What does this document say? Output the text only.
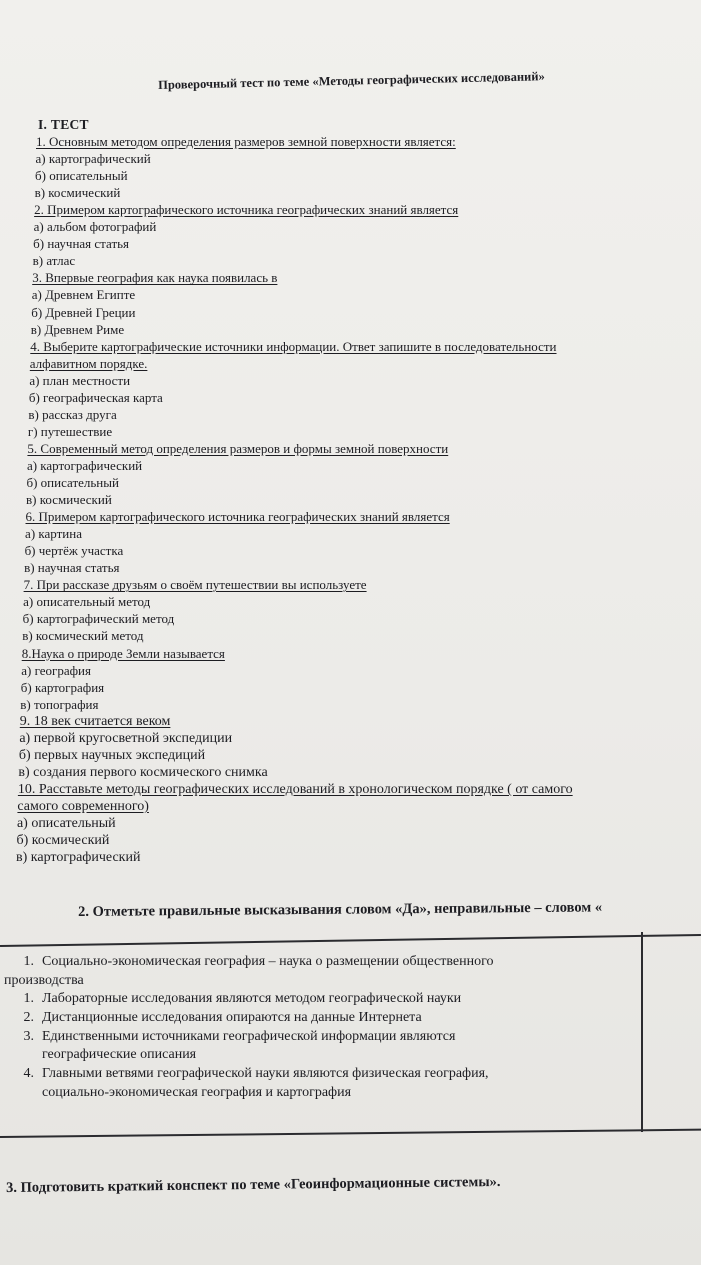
Проверочный тест по теме «Методы географических исследований»
I. ТЕСТ
1. Основным методом определения размеров земной поверхности является:
а) картографический
б) описательный
в) космический
2. Примером картографического источника географических знаний является
а) альбом фотографий
б) научная статья
в) атлас
3. Впервые география как наука появилась в
а) Древнем Египте
б) Древней Греции
в) Древнем Риме
4. Выберите картографические источники информации. Ответ запишите в последовательности
алфавитном порядке.
а) план местности
б) географическая карта
в) рассказ друга
г) путешествие
5. Современный метод определения размеров и формы земной поверхности
а) картографический
б) описательный
в) космический
6. Примером картографического источника географических знаний является
а) картина
б) чертёж участка
в) научная статья
7. При рассказе друзьям о своём путешествии вы используете
а) описательный метод
б) картографический метод
в) космический метод
8.Наука о природе Земли называется
а) география
б) картография
в) топография
9. 18 век считается веком
а) первой кругосветной экспедиции
б) первых научных экспедиций
в) создания первого космического снимка
10. Расставьте методы географических исследований в хронологическом порядке ( от самого
самого современного)
а) описательный
б) космический
в) картографический
2. Отметьте правильные высказывания словом «Да», неправильные – словом «
1. Социально-экономическая география – наука о размещении общественного
производства
1. Лабораторные исследования являются методом географической науки
2. Дистанционные исследования опираются на данные Интернета
3. Единственными источниками географической информации являются
географические описания
4. Главными ветвями географической науки являются физическая география,
социально-экономическая география и картография
3. Подготовить краткий конспект по теме «Геоинформационные системы».
